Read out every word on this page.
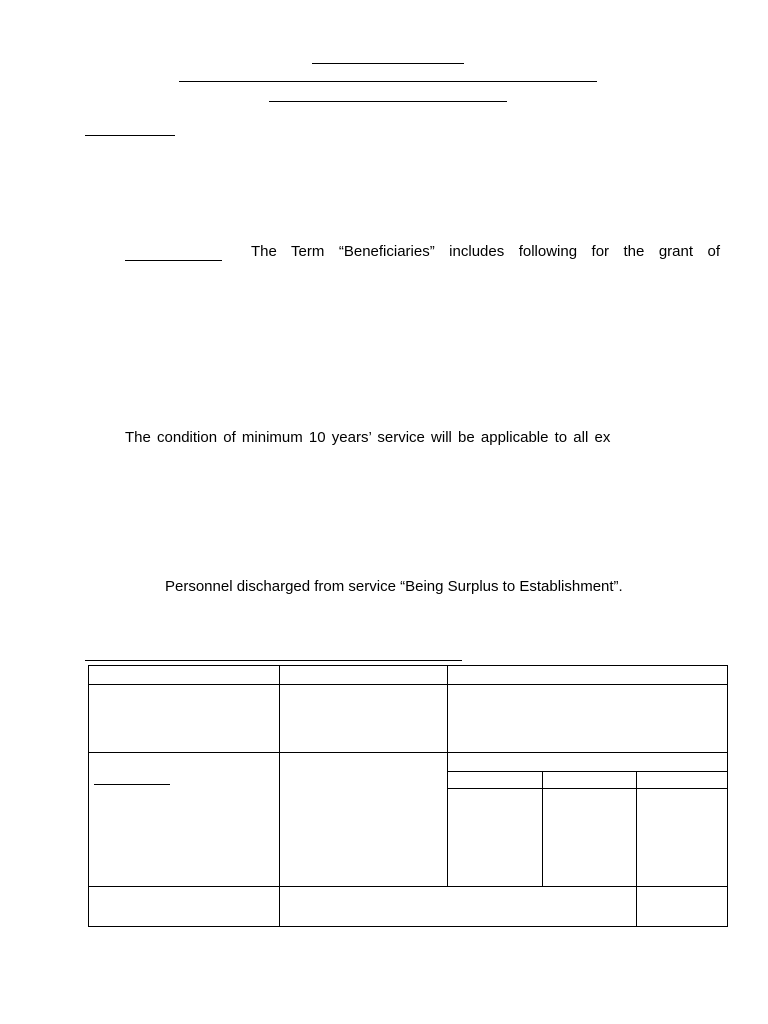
The Term “Beneficiaries” includes following for the grant of
The condition of minimum 10 years’ service will be applicable to all ex
Personnel discharged from service “Being Surplus to Establishment”.
